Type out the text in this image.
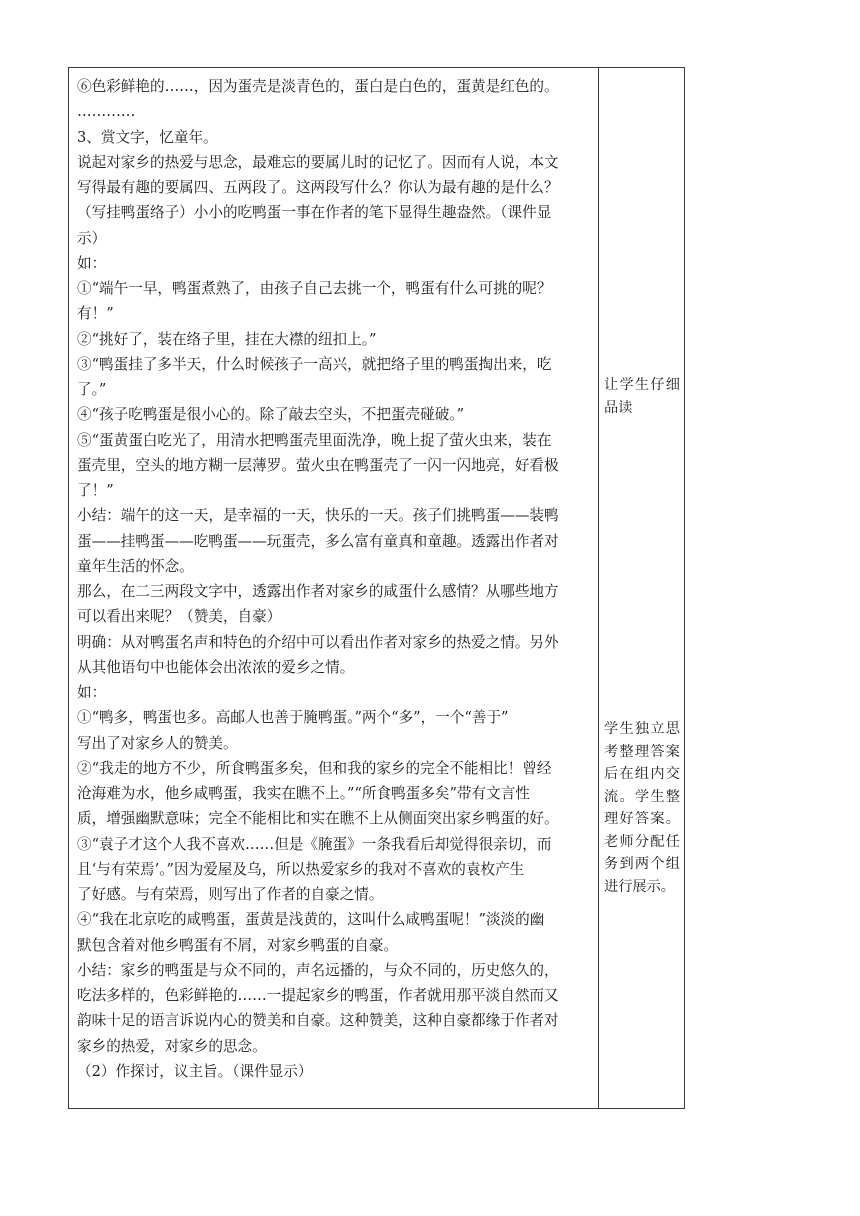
⑥色彩鲜艳的……，因为蛋壳是淡青色的，蛋白是白色的，蛋黄是红色的。

…………

3、赏文字，忆童年。

说起对家乡的热爱与思念，最难忘的要属儿时的记忆了。因而有人说，本文

写得最有趣的要属四、五两段了。这两段写什么？你认为最有趣的是什么？

（写挂鸭蛋络子）小小的吃鸭蛋一事在作者的笔下显得生趣盎然。（课件显

示）

如：

①“端午一早，鸭蛋煮熟了，由孩子自己去挑一个，鸭蛋有什么可挑的呢？

有！”

②“挑好了，装在络子里，挂在大襟的纽扣上。”

③“鸭蛋挂了多半天，什么时候孩子一高兴，就把络子里的鸭蛋掏出来，吃

了。”

④“孩子吃鸭蛋是很小心的。除了敲去空头，不把蛋壳碰破。”

⑤“蛋黄蛋白吃光了，用清水把鸭蛋壳里面洗净，晚上捉了萤火虫来，装在

蛋壳里，空头的地方糊一层薄罗。萤火虫在鸭蛋壳了一闪一闪地亮，好看极

了！”

小结：端午的这一天，是幸福的一天，快乐的一天。孩子们挑鸭蛋——装鸭

蛋——挂鸭蛋——吃鸭蛋——玩蛋壳，多么富有童真和童趣。透露出作者对

童年生活的怀念。

那么，在二三两段文字中，透露出作者对家乡的咸蛋什么感情？从哪些地方

可以看出来呢？（赞美，自豪）

明确：从对鸭蛋名声和特色的介绍中可以看出作者对家乡的热爱之情。另外

从其他语句中也能体会出浓浓的爱乡之情。

如：

①“鸭多，鸭蛋也多。高邮人也善于腌鸭蛋。”两个“多”，一个“善于”

写出了对家乡人的赞美。

②“我走的地方不少，所食鸭蛋多矣，但和我的家乡的完全不能相比！曾经

沧海难为水，他乡咸鸭蛋，我实在瞧不上。”“所食鸭蛋多矣”带有文言性

质，增强幽默意味；完全不能相比和实在瞧不上从侧面突出家乡鸭蛋的好。

③“袁子才这个人我不喜欢……但是《腌蛋》一条我看后却觉得很亲切，而

且‘与有荣焉’。”因为爱屋及乌，所以热爱家乡的我对不喜欢的袁枚产生

了好感。与有荣焉，则写出了作者的自豪之情。

④“我在北京吃的咸鸭蛋，蛋黄是浅黄的，这叫什么咸鸭蛋呢！”淡淡的幽

默包含着对他乡鸭蛋有不屑，对家乡鸭蛋的自豪。

小结：家乡的鸭蛋是与众不同的，声名远播的，与众不同的，历史悠久的，

吃法多样的，色彩鲜艳的……一提起家乡的鸭蛋，作者就用那平淡自然而又

韵味十足的语言诉说内心的赞美和自豪。这种赞美，这种自豪都缘于作者对

家乡的热爱，对家乡的思念。

（2）作探讨，议主旨。（课件显示）

让学生仔细品读
学生独立思考整理答案后在组内交流。学生整理好答案。老师分配任务到两个组进行展示。
